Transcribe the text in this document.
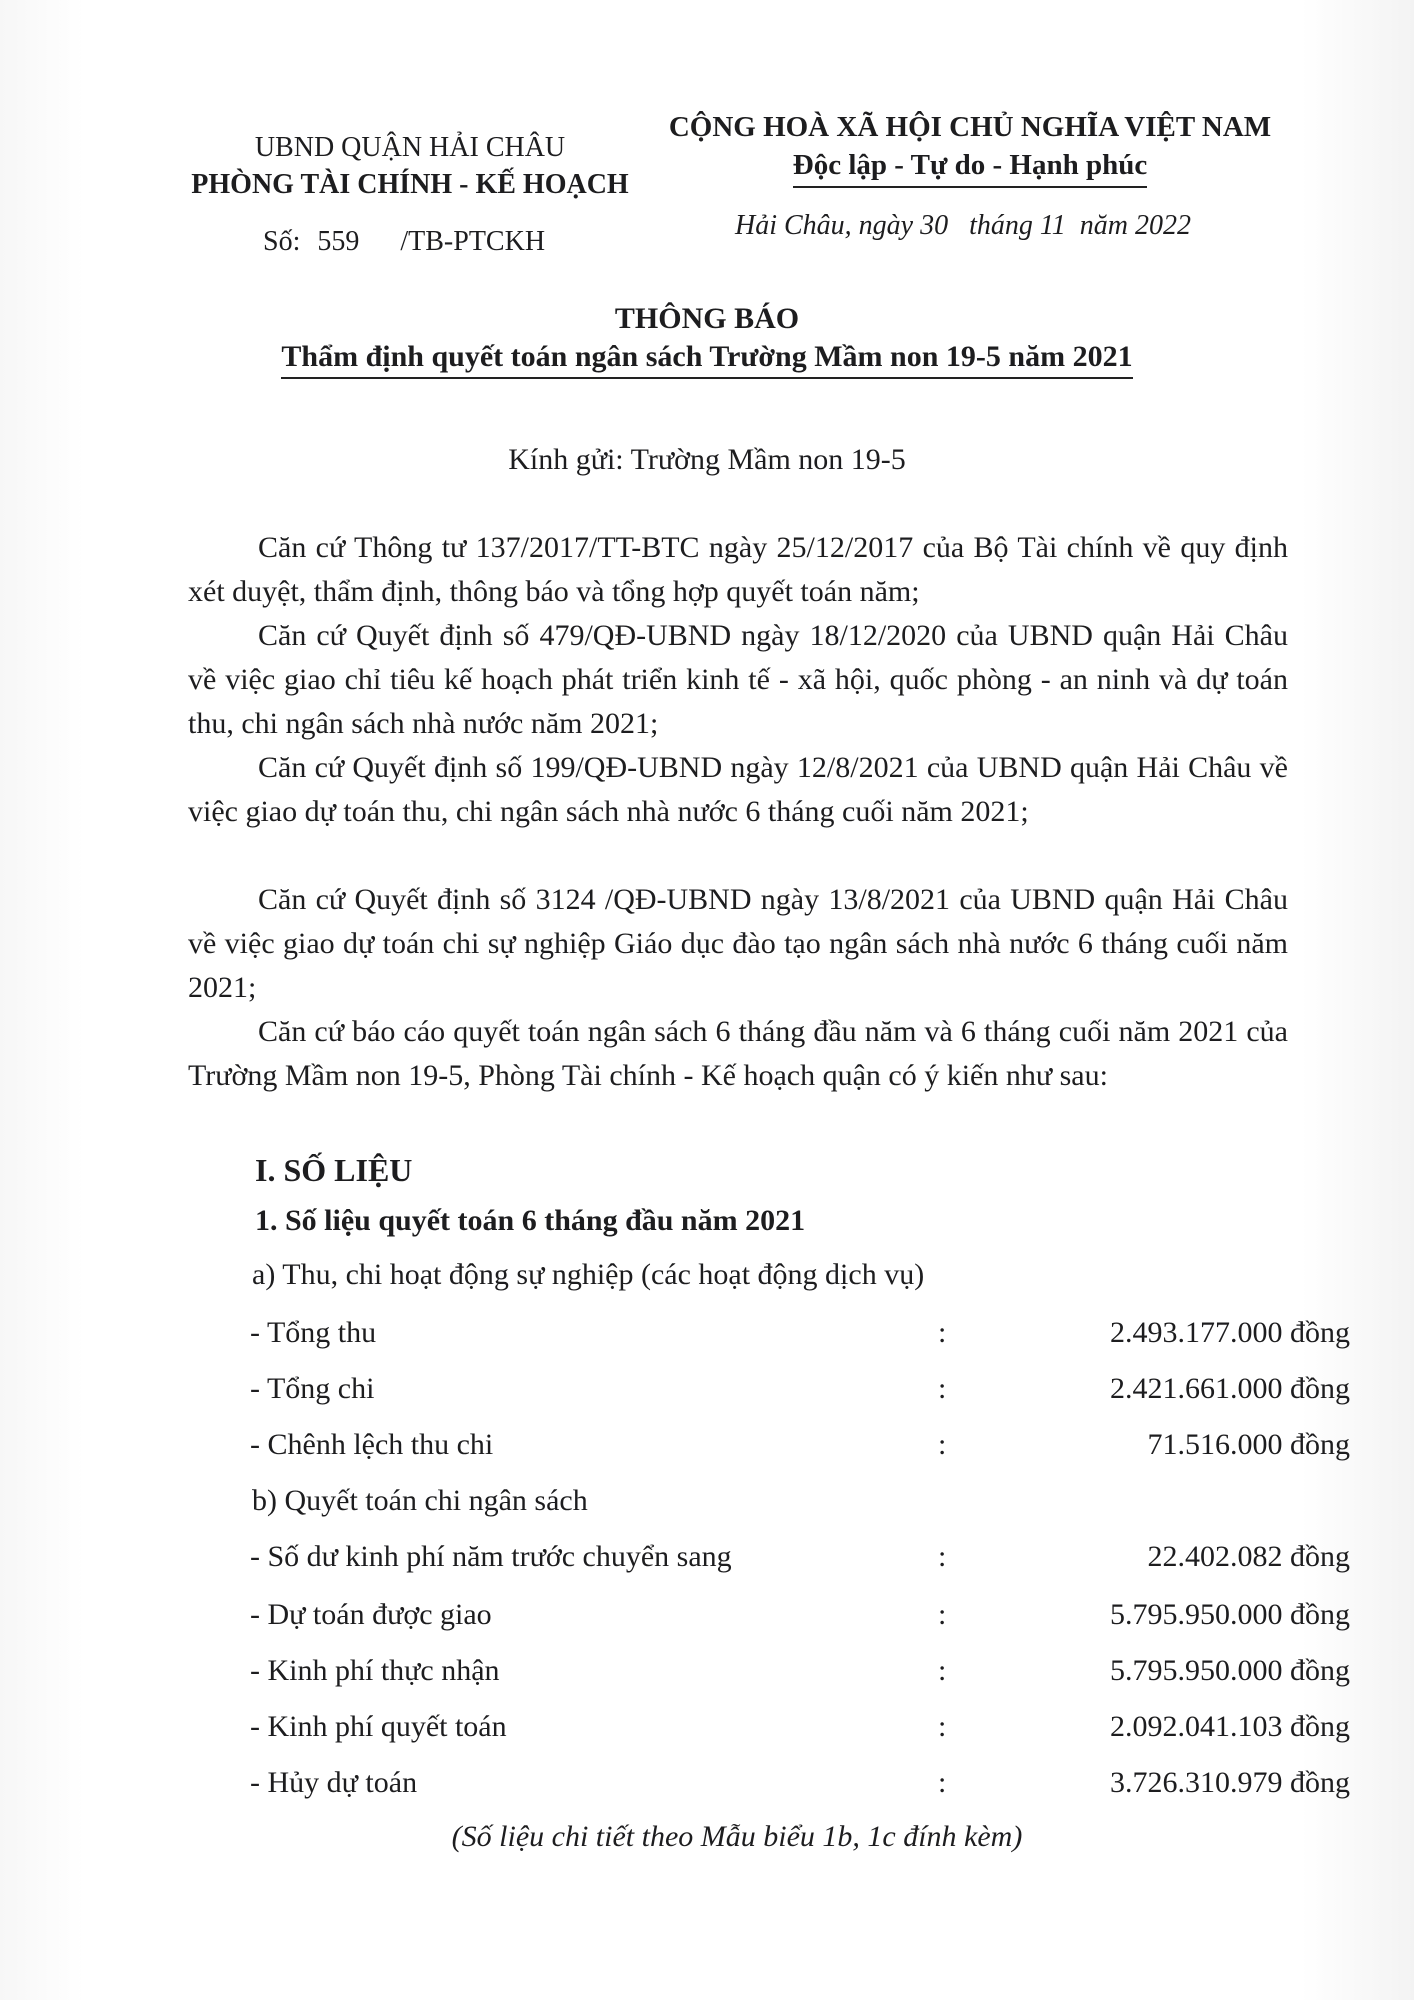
UBND QUẬN HẢI CHÂU
PHÒNG TÀI CHÍNH - KẾ HOẠCH
CỘNG HOÀ XÃ HỘI CHỦ NGHĨA VIỆT NAM
Độc lập - Tự do - Hạnh phúc
Số: 559 /TB-PTCKH
Hải Châu, ngày 30   tháng 11  năm 2022
THÔNG BÁO
Thẩm định quyết toán ngân sách Trường Mầm non 19-5 năm 2021
Kính gửi: Trường Mầm non 19-5

Căn cứ Thông tư 137/2017/TT-BTC ngày 25/12/2017 của Bộ Tài chính về quy định xét duyệt, thẩm định, thông báo và tổng hợp quyết toán năm;

Căn cứ Quyết định số 479/QĐ-UBND ngày 18/12/2020 của UBND quận Hải Châu về việc giao chỉ tiêu kế hoạch phát triển kinh tế - xã hội, quốc phòng - an ninh và dự toán thu, chi ngân sách nhà nước năm 2021;

Căn cứ Quyết định số 199/QĐ-UBND ngày 12/8/2021 của UBND quận Hải Châu về việc giao dự toán thu, chi ngân sách nhà nước 6 tháng cuối năm 2021;

Căn cứ Quyết định số 3124 /QĐ-UBND ngày 13/8/2021 của UBND quận Hải Châu về việc giao dự toán chi sự nghiệp Giáo dục đào tạo ngân sách nhà nước 6 tháng cuối năm 2021;

Căn cứ báo cáo quyết toán ngân sách 6 tháng đầu năm và 6 tháng cuối năm 2021 của Trường Mầm non 19-5, Phòng Tài chính - Kế hoạch quận có ý kiến như sau:

I. SỐ LIỆU
1. Số liệu quyết toán 6 tháng đầu năm 2021
a) Thu, chi hoạt động sự nghiệp (các hoạt động dịch vụ)
- Tổng thu	:	2.493.177.000 đồng
- Tổng chi	:	2.421.661.000 đồng
- Chênh lệch thu chi	:	71.516.000 đồng
b) Quyết toán chi ngân sách
- Số dư kinh phí năm trước chuyển sang	:	22.402.082 đồng
- Dự toán được giao	:	5.795.950.000 đồng
- Kinh phí thực nhận	:	5.795.950.000 đồng
- Kinh phí quyết toán	:	2.092.041.103 đồng
- Hủy dự toán	:	3.726.310.979 đồng
(Số liệu chi tiết theo Mẫu biểu 1b, 1c đính kèm)
